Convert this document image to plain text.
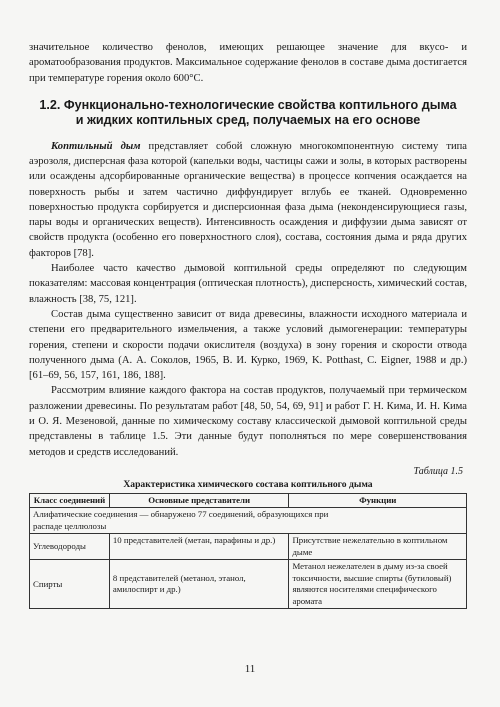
значительное количество фенолов, имеющих решающее значение для вкусо- и ароматообразования продуктов. Максимальное содержание фенолов в составе дыма достигается при температуре горения около 600°С.

1.2. Функционально-технологические свойства коптильного дыма и жидких коптильных сред, получаемых на его основе

Коптильный дым представляет собой сложную многокомпонентную систему типа аэрозоля, дисперсная фаза которой (капельки воды, частицы сажи и золы, в которых растворены или осаждены адсорбированные органические вещества) в процессе копчения осаждается на поверхность рыбы и затем частично диффундирует вглубь ее тканей. Одновременно поверхностью продукта сорбируется и дисперсионная фаза дыма (неконденсирующиеся газы, пары воды и органических веществ). Интенсивность осаждения и диффузии дыма зависят от свойств продукта (особенно его поверхностного слоя), состава, состояния дыма и ряда других факторов [78].

Наиболее часто качество дымовой коптильной среды определяют по следующим показателям: массовая концентрация (оптическая плотность), дисперсность, химический состав, влажность [38, 75, 121].

Состав дыма существенно зависит от вида древесины, влажности исходного материала и степени его предварительного измельчения, а также условий дымогенерации: температуры горения, степени и скорости подачи окислителя (воздуха) в зону горения и скорости отвода полученного дыма (А. А. Соколов, 1965, В. И. Курко, 1969, K. Potthast, C. Eigner, 1988 и др.) [61–69, 56, 157, 161, 186, 188].

Рассмотрим влияние каждого фактора на состав продуктов, получаемый при термическом разложении древесины. По результатам работ [48, 50, 54, 69, 91] и работ Г. Н. Кима, И. Н. Кима и О. Я. Мезеновой, данные по химическому составу классической дымовой коптильной среды представлены в таблице 1.5. Эти данные будут пополняться по мере совершенствования методов и средств исследований.

Таблица 1.5
Характеристика химического состава коптильного дыма
Класс соединений	Основные представители	Функции

Алифатические соединения — обнаружено 77 соединений, образующихся при распаде целлюлозы		

Углеводороды	10 представителей (метан, парафины и др.)	Присутствие нежелательно в коптильном дыме
Спирты	8 представителей (метанол, этанол, амилоспирт и др.)	Метанол нежелателен в дыму из-за своей токсичности, высшие спирты (бутиловый) являются носителями специфического аромата
11
